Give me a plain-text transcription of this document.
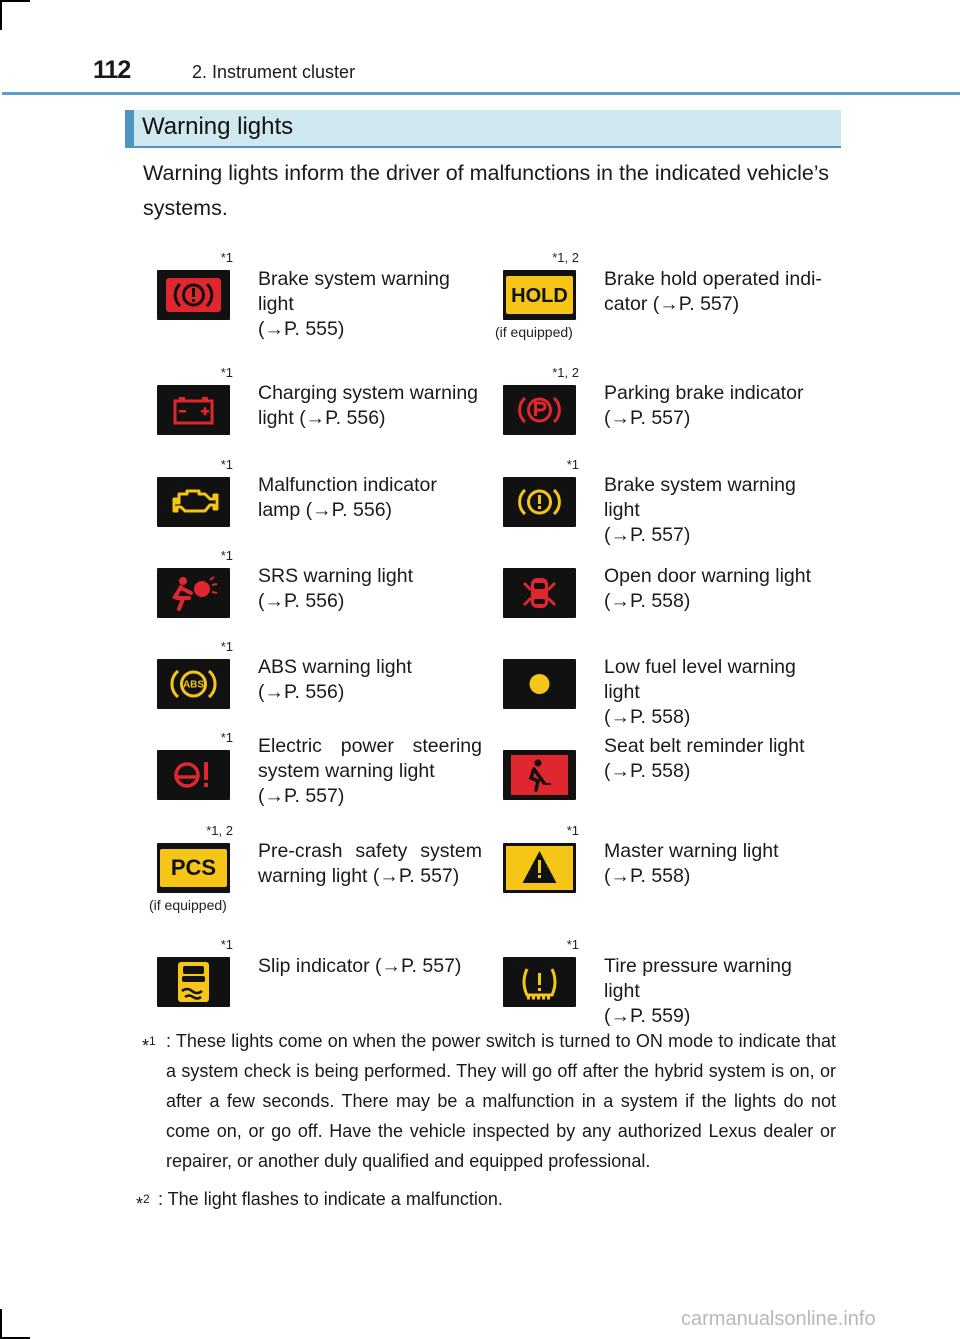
112	2. Instrument cluster
Warning lights

Warning lights inform the driver of malfunctions in the indicated vehicle’s systems.

*1
Brake system warning light
(→P. 555)
HOLD
*1, 2
(if equipped)
Brake hold operated indi-
cator (→P. 557)
*1
Charging system warning
light (→P. 556)
*1, 2
Parking brake indicator
(→P. 557)
*1
Malfunction indicator
lamp (→P. 556)
*1
Brake system warning light
(→P. 557)
*1
SRS warning light
(→P. 556)
Open door warning light
(→P. 558)
ABS
*1
ABS warning light
(→P. 556)
Low fuel level warning light
(→P. 558)
*1 Electric power steering
system warning light
(→P. 557)
Seat belt reminder light
(→P. 558)
PCS
*1, 2
(if equipped)
Pre-crash safety system
warning light (→P. 557)
*1
Master warning light
(→P. 558)
*1
Slip indicator (→P. 557)
*1
Tire pressure warning light
(→P. 559)
*$^1$ : These lights come on when the power switch is turned to ON mode to indicate that a system check is being performed. They will go off after the hybrid system is on, or after a few seconds. There may be a malfunction in a system if the lights do not come on, or go off. Have the vehicle inspected by any authorized Lexus dealer or repairer, or another duly qualified and equipped professional.
*$^2$ : The light flashes to indicate a malfunction.
carmanualsonline.info
